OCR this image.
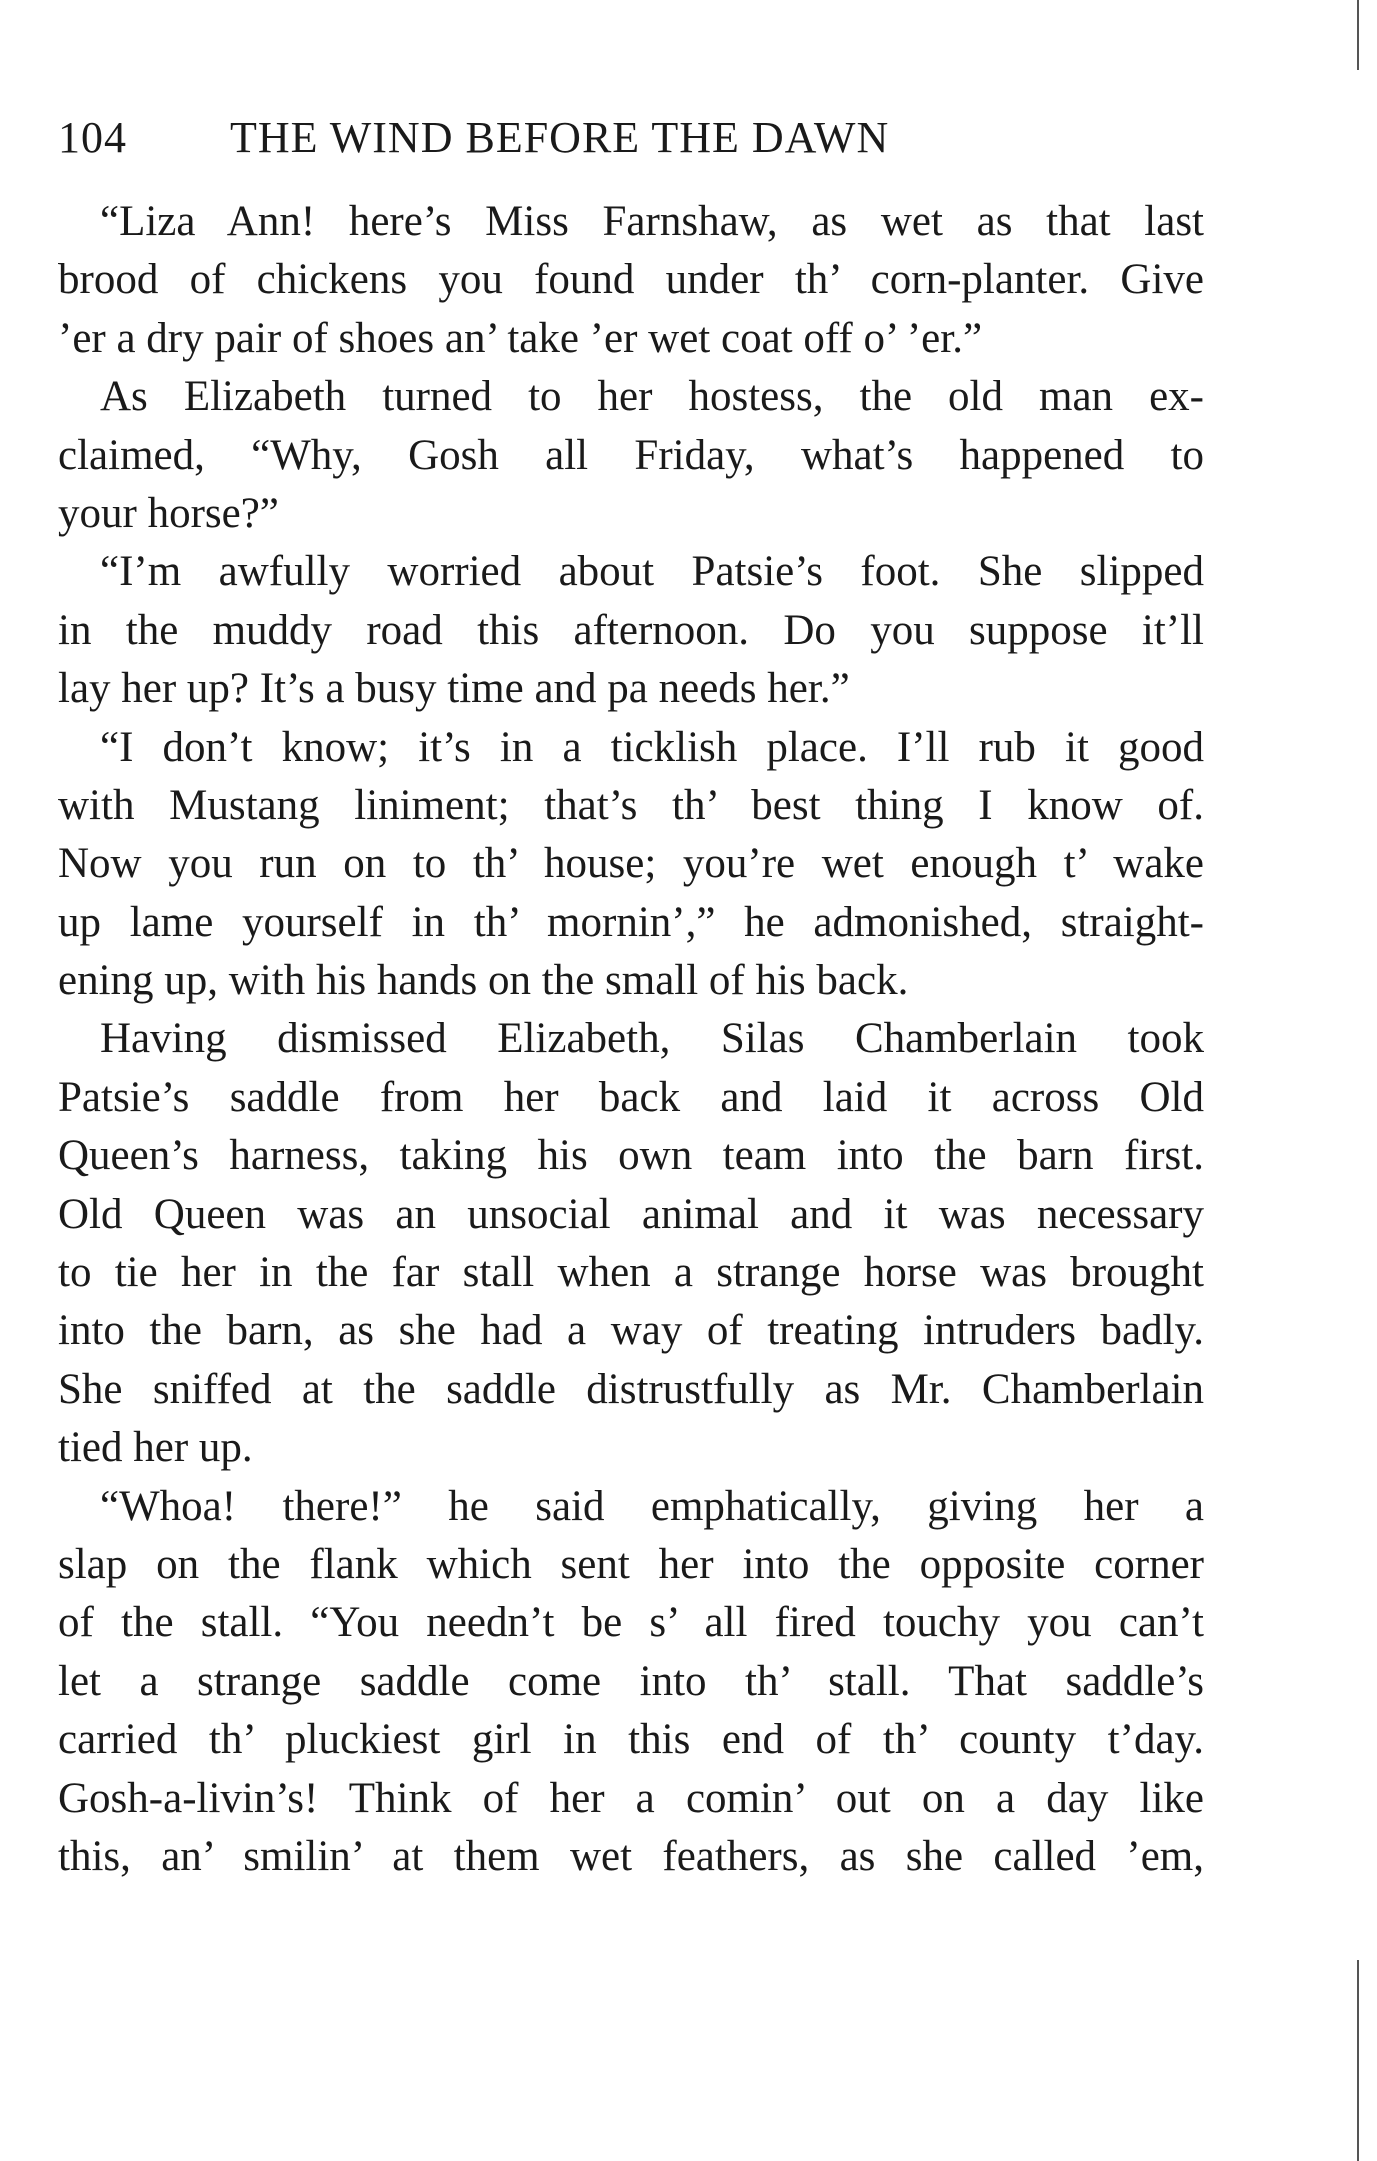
104 THE WIND BEFORE THE DAWN
“Liza Ann! here’s Miss Farnshaw, as wet as that last
brood of chickens you found under th’ corn-planter. Give
’er a dry pair of shoes an’ take ’er wet coat off o’ ’er.”
As Elizabeth turned to her hostess, the old man ex-
claimed, “Why, Gosh all Friday, what’s happened to
your horse?”
“I’m awfully worried about Patsie’s foot. She slipped
in the muddy road this afternoon. Do you suppose it’ll
lay her up? It’s a busy time and pa needs her.”
“I don’t know; it’s in a ticklish place. I’ll rub it good
with Mustang liniment; that’s th’ best thing I know of.
Now you run on to th’ house; you’re wet enough t’ wake
up lame yourself in th’ mornin’,” he admonished, straight-
ening up, with his hands on the small of his back.
Having dismissed Elizabeth, Silas Chamberlain took
Patsie’s saddle from her back and laid it across Old
Queen’s harness, taking his own team into the barn first.
Old Queen was an unsocial animal and it was necessary
to tie her in the far stall when a strange horse was brought
into the barn, as she had a way of treating intruders badly.
She sniffed at the saddle distrustfully as Mr. Chamberlain
tied her up.
“Whoa! there!” he said emphatically, giving her a
slap on the flank which sent her into the opposite corner
of the stall. “You needn’t be s’ all fired touchy you can’t
let a strange saddle come into th’ stall. That saddle’s
carried th’ pluckiest girl in this end of th’ county t’day.
Gosh-a-livin’s! Think of her a comin’ out on a day like
this, an’ smilin’ at them wet feathers, as she called ’em,
